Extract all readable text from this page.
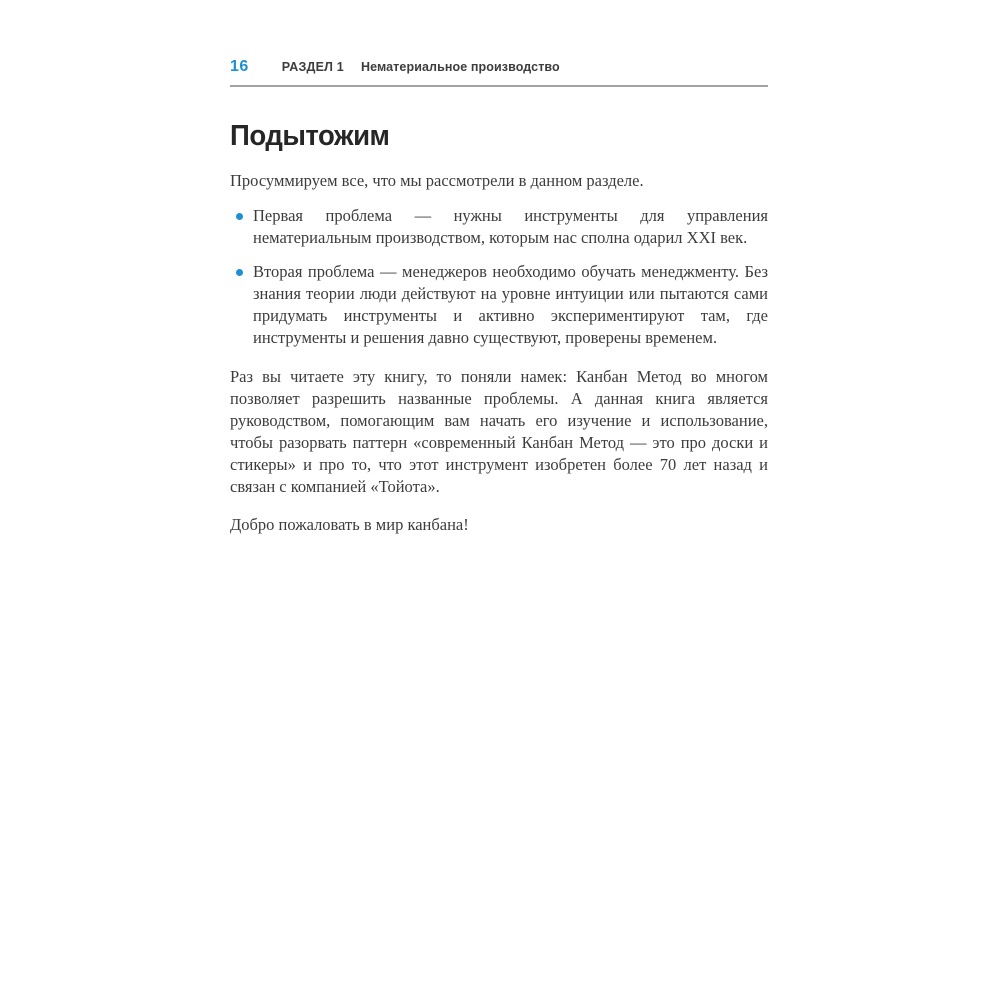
16	РАЗДЕЛ 1 Нематериальное производство
Подытожим

Просуммируем все, что мы рассмотрели в данном разделе.

Первая проблема — нужны инструменты для управления нематериальным производством, которым нас сполна одарил XXI век.
Вторая проблема — менеджеров необходимо обучать менеджменту. Без знания теории люди действуют на уровне интуиции или пытаются сами придумать инструменты и активно экспериментируют там, где инструменты и решения давно существуют, проверены временем.

Раз вы читаете эту книгу, то поняли намек: Канбан Метод во многом позволяет разрешить названные проблемы. А данная книга является руководством, помогающим вам начать его изучение и использование, чтобы разорвать паттерн «современный Канбан Метод — это про доски и стикеры» и про то, что этот инструмент изобретен более 70 лет назад и связан с компанией «Тойота».

Добро пожаловать в мир канбана!
